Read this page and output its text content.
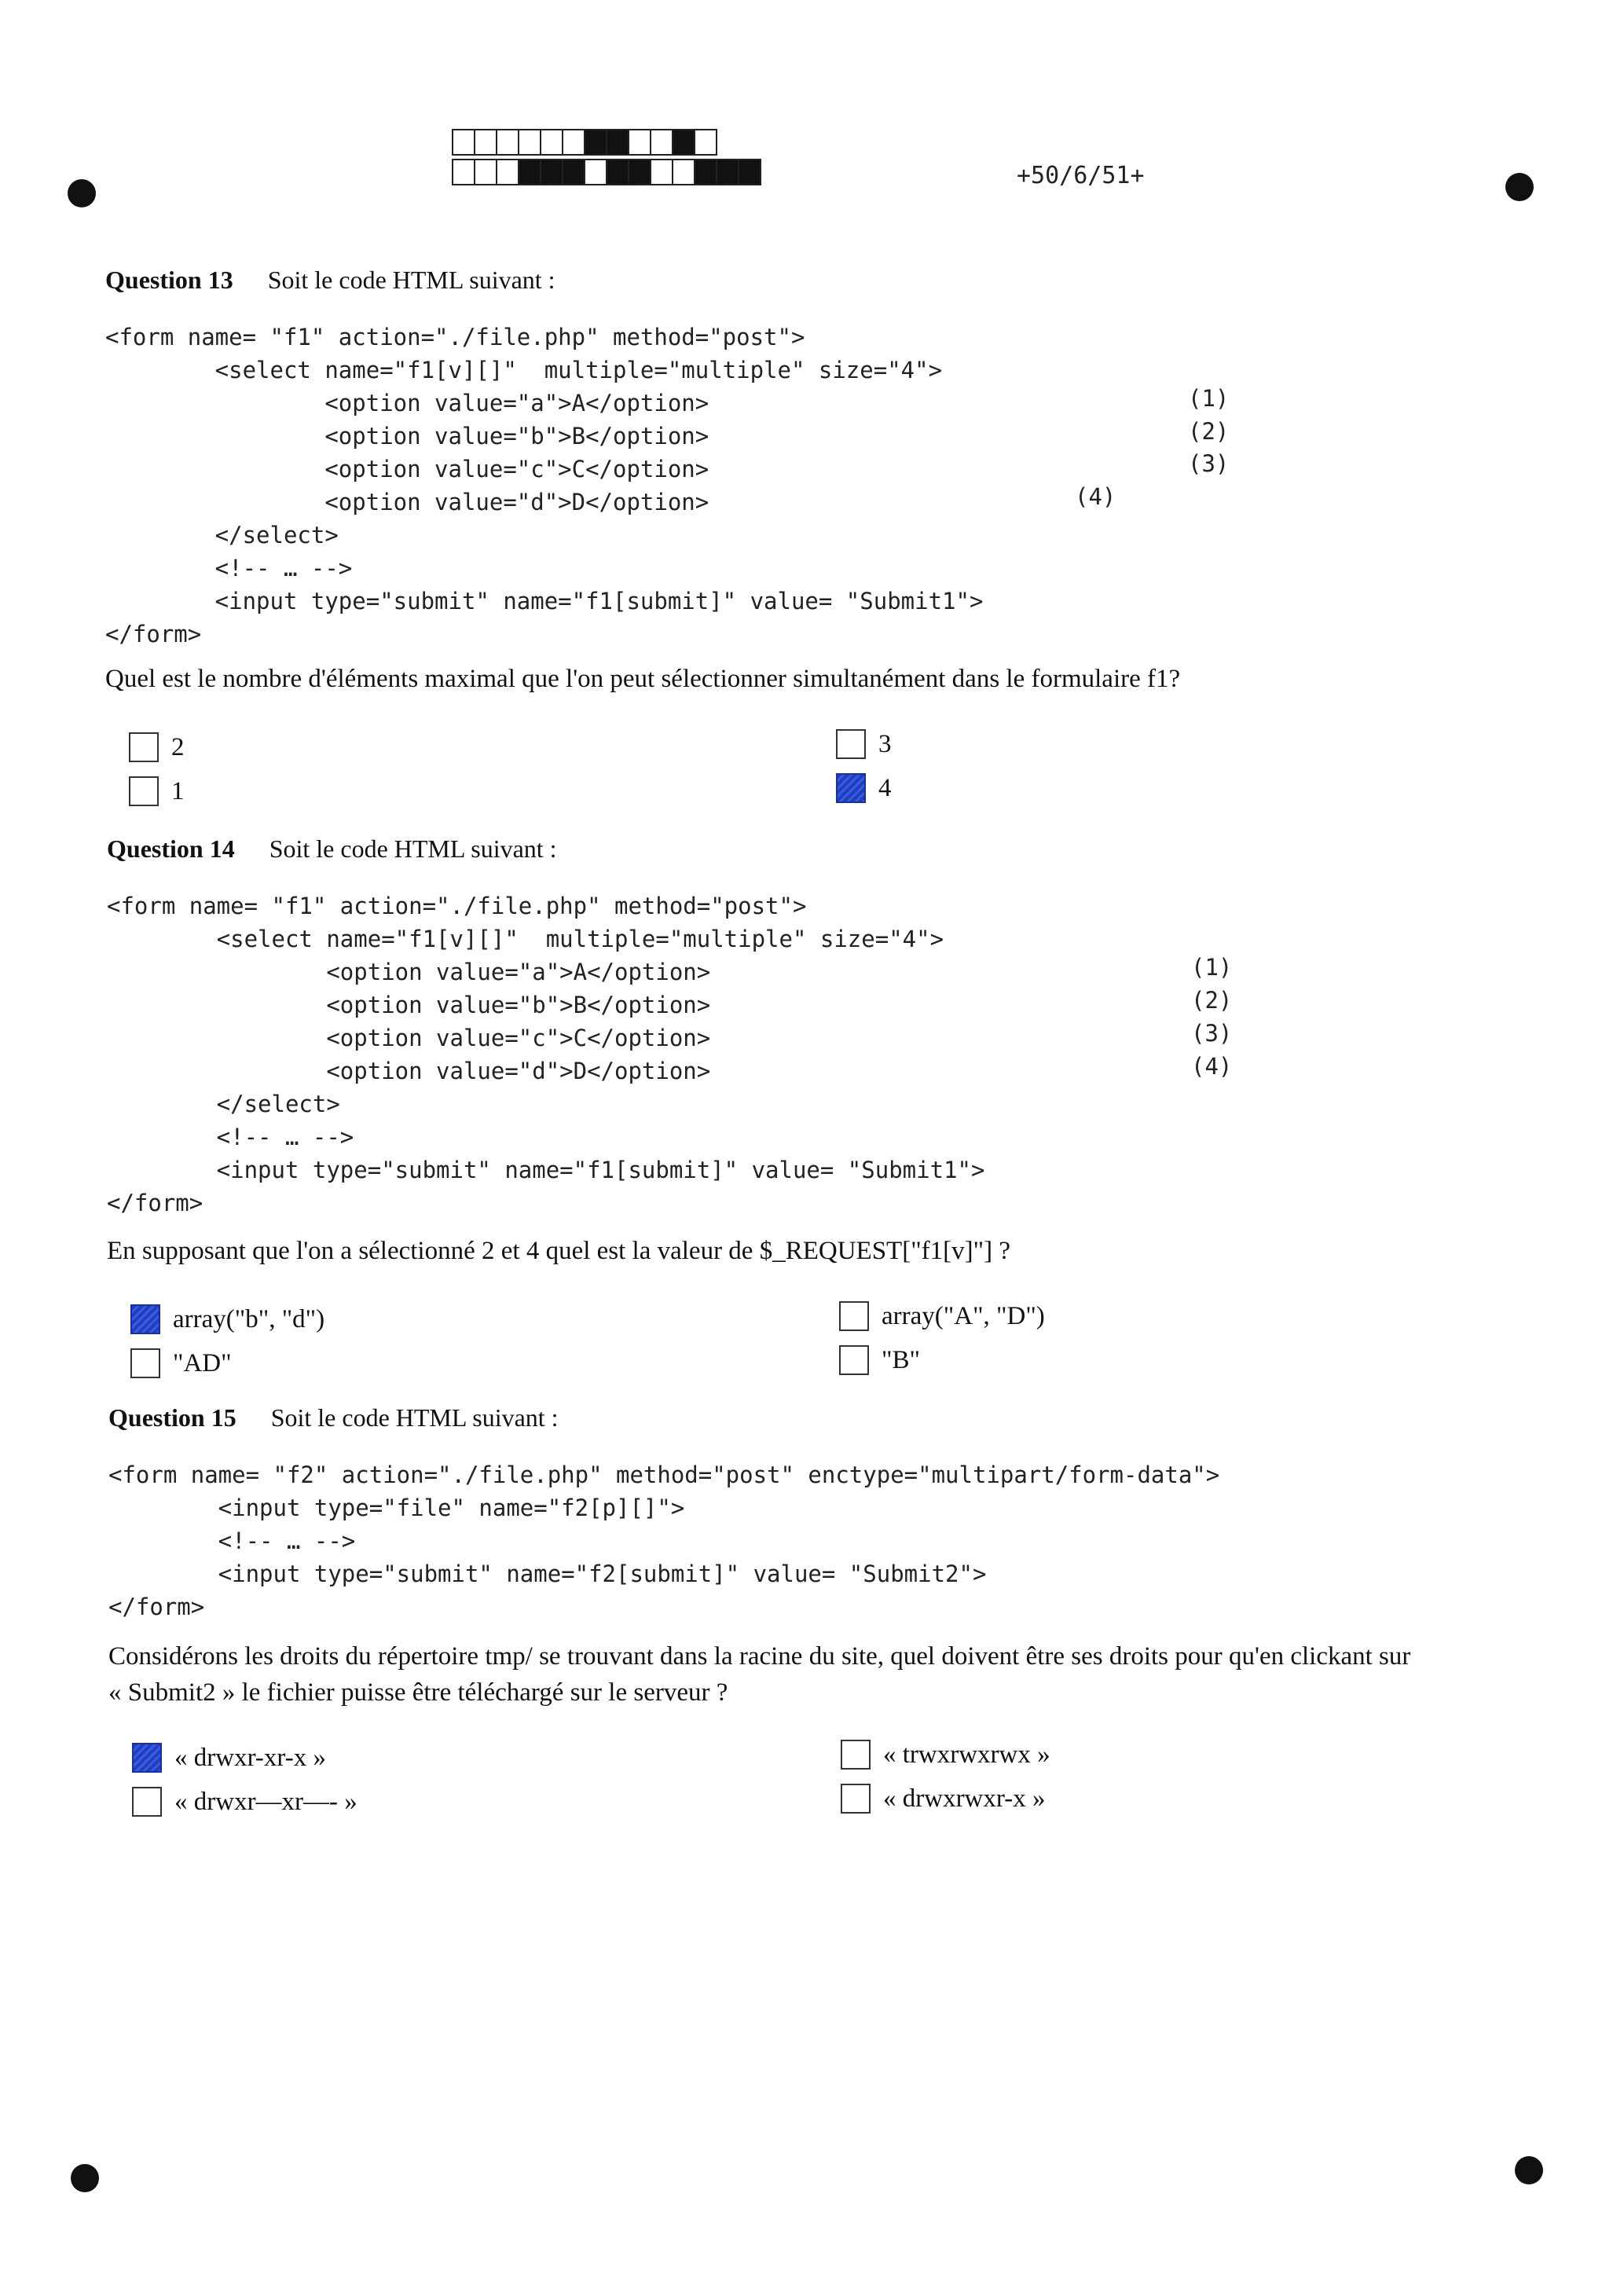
+50/6/51+
Question 13 Soit le code HTML suivant :
<form name= "f1" action="./file.php" method="post">
<select name="f1[v][]"  multiple="multiple" size="4">
<option value="a">A</option>
<option value="b">B</option>
<option value="c">C</option>
<option value="d">D</option>
</select>
<!-- … -->
<input type="submit" name="f1[submit]" value= "Submit1">
</form>
(1)
(2)
(3)
(4)
Quel est le nombre d'éléments maximal que l'on peut sélectionner simultanément dans le formulaire f1?
2	3
1	4
Question 14 Soit le code HTML suivant :
<form name= "f1" action="./file.php" method="post">
<select name="f1[v][]"  multiple="multiple" size="4">
<option value="a">A</option>
<option value="b">B</option>
<option value="c">C</option>
<option value="d">D</option>
</select>
<!-- … -->
<input type="submit" name="f1[submit]" value= "Submit1">
</form>
(1)
(2)
(3)
(4)
En supposant que l'on a sélectionné 2 et 4 quel est la valeur de $_REQUEST["f1[v]"] ?
array("b", "d")	array("A", "D")
"AD"	"B"
Question 15 Soit le code HTML suivant :
<form name= "f2" action="./file.php" method="post" enctype="multipart/form-data">
<input type="file" name="f2[p][]">
<!-- … -->
<input type="submit" name="f2[submit]" value= "Submit2">
</form>
Considérons les droits du répertoire tmp/ se trouvant dans la racine du site, quel doivent être ses droits pour qu'en clickant sur
« Submit2 » le fichier puisse être téléchargé sur le serveur ?
« drwxr-xr-x »	« trwxrwxrwx »
« drwxr—xr—- »	« drwxrwxr-x »
